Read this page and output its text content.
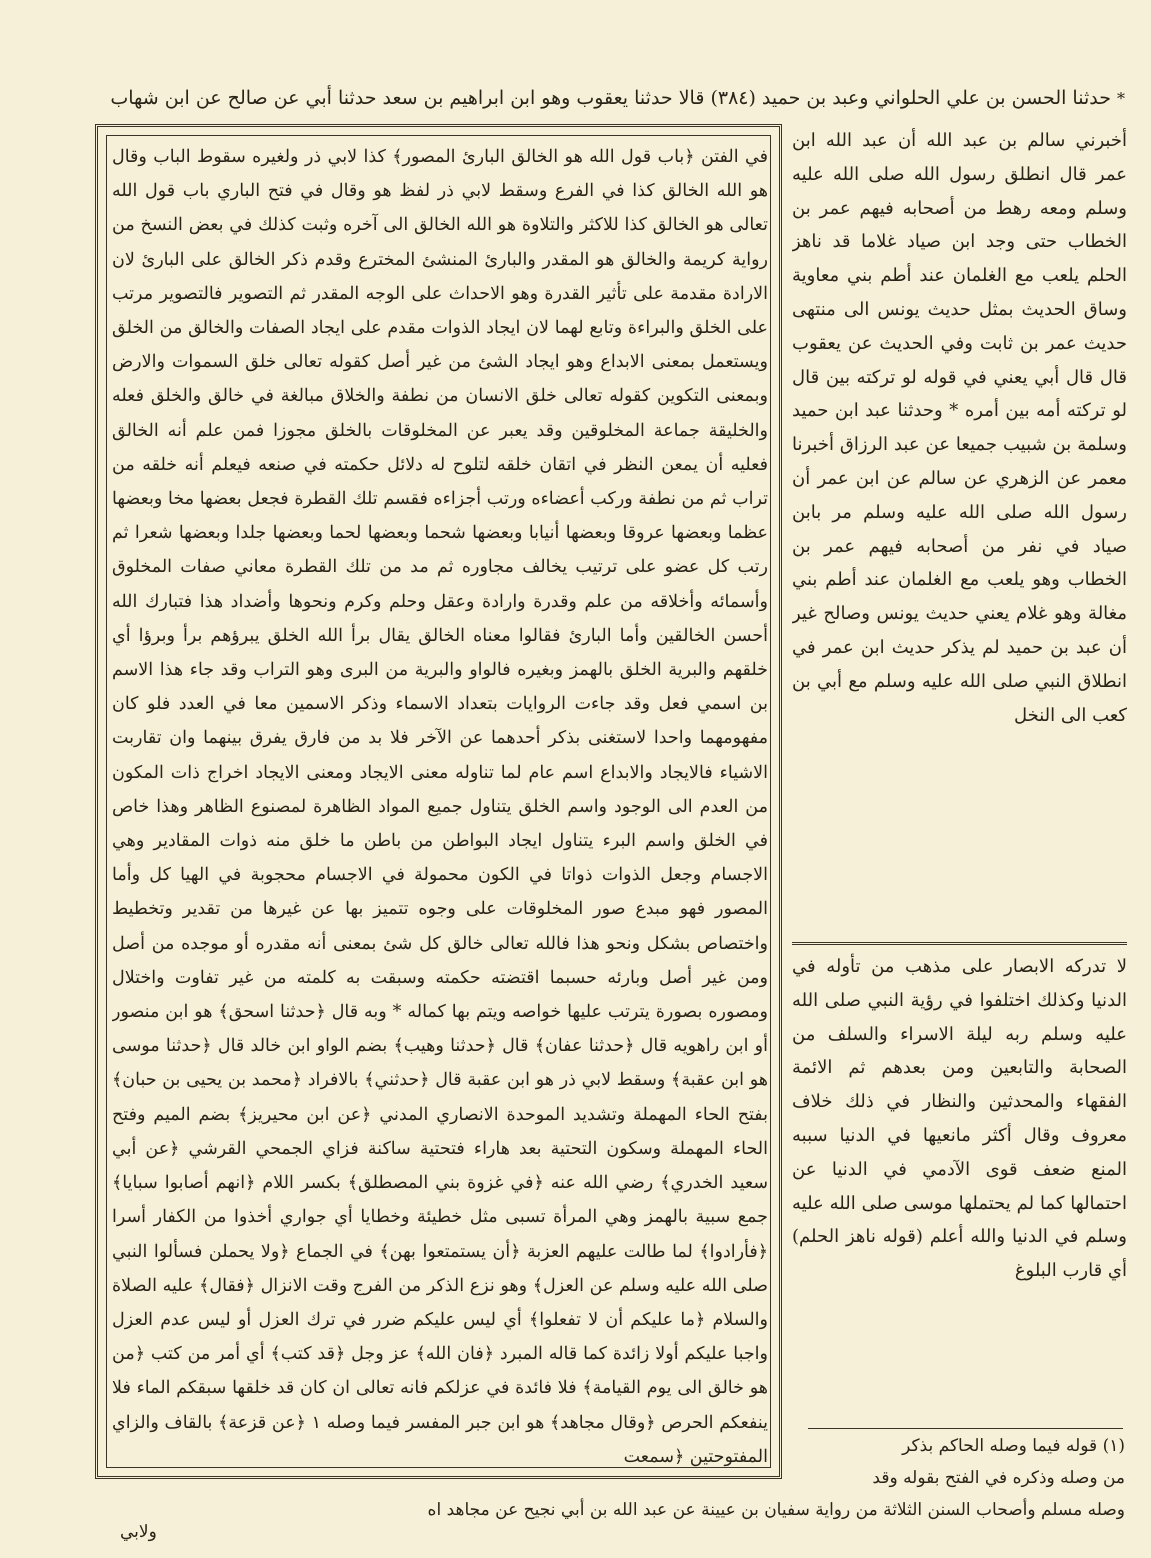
* حدثنا الحسن بن علي الحلواني وعبد بن حميد (٣٨٤) قالا حدثنا يعقوب وهو ابن ابراهيم بن سعد حدثنا أبي عن صالح عن ابن شهاب

في الفتن ﴿باب قول الله هو الخالق البارئ المصور﴾ كذا لابي ذر ولغيره سقوط الباب وقال هو الله الخالق كذا في الفرع وسقط لابي ذر لفظ هو وقال في فتح الباري باب قول الله تعالى هو الخالق كذا للاكثر والتلاوة هو الله الخالق الى آخره وثبت كذلك في بعض النسخ من رواية كريمة والخالق هو المقدر والبارئ المنشئ المخترع وقدم ذكر الخالق على البارئ لان الارادة مقدمة على تأثير القدرة وهو الاحداث على الوجه المقدر ثم التصوير فالتصوير مرتب على الخلق والبراءة وتابع لهما لان ايجاد الذوات مقدم على ايجاد الصفات والخالق من الخلق ويستعمل بمعنى الابداع وهو ايجاد الشئ من غير أصل كقوله تعالى خلق السموات والارض وبمعنى التكوين كقوله تعالى خلق الانسان من نطفة والخلاق مبالغة في خالق والخلق فعله والخليقة جماعة المخلوقين وقد يعبر عن المخلوقات بالخلق مجوزا فمن علم أنه الخالق فعليه أن يمعن النظر في اتقان خلقه لتلوح له دلائل حكمته في صنعه فيعلم أنه خلقه من تراب ثم من نطفة وركب أعضاءه ورتب أجزاءه فقسم تلك القطرة فجعل بعضها مخا وبعضها عظما وبعضها عروقا وبعضها أنيابا وبعضها شحما وبعضها لحما وبعضها جلدا وبعضها شعرا ثم رتب كل عضو على ترتيب يخالف مجاوره ثم مد من تلك القطرة معاني صفات المخلوق وأسمائه وأخلاقه من علم وقدرة وارادة وعقل وحلم وكرم ونحوها وأضداد هذا فتبارك الله أحسن الخالقين وأما البارئ فقالوا معناه الخالق يقال برأ الله الخلق يبرؤهم برأ وبرؤا أي خلقهم والبرية الخلق بالهمز وبغيره فالواو والبرية من البرى وهو التراب وقد جاء هذا الاسم بن اسمي فعل وقد جاءت الروايات بتعداد الاسماء وذكر الاسمين معا في العدد فلو كان مفهومهما واحدا لاستغنى بذكر أحدهما عن الآخر فلا بد من فارق يفرق بينهما وان تقاربت الاشياء فالايجاد والابداع اسم عام لما تناوله معنى الايجاد ومعنى الايجاد اخراج ذات المكون من العدم الى الوجود واسم الخلق يتناول جميع المواد الظاهرة لمصنوع الظاهر وهذا خاص في الخلق واسم البرء يتناول ايجاد البواطن من باطن ما خلق منه ذوات المقادير وهي الاجسام وجعل الذوات ذواتا في الكون محمولة في الاجسام محجوبة في الهيا كل وأما المصور فهو مبدع صور المخلوقات على وجوه تتميز بها عن غيرها من تقدير وتخطيط واختصاص بشكل ونحو هذا فالله تعالى خالق كل شئ بمعنى أنه مقدره أو موجده من أصل ومن غير أصل وبارئه حسبما اقتضته حكمته وسبقت به كلمته من غير تفاوت واختلال ومصوره بصورة يترتب عليها خواصه ويتم بها كماله * وبه قال ﴿حدثنا اسحق﴾ هو ابن منصور أو ابن راهويه قال ﴿حدثنا عفان﴾ قال ﴿حدثنا وهيب﴾ بضم الواو ابن خالد قال ﴿حدثنا موسى هو ابن عقبة﴾ وسقط لابي ذر هو ابن عقبة قال ﴿حدثني﴾ بالافراد ﴿محمد بن يحيى بن حبان﴾ بفتح الحاء المهملة وتشديد الموحدة الانصاري المدني ﴿عن ابن محيريز﴾ بضم الميم وفتح الحاء المهملة وسكون التحتية بعد هاراء فتحتية ساكنة فزاي الجمحي القرشي ﴿عن أبي سعيد الخدري﴾ رضي الله عنه ﴿في غزوة بني المصطلق﴾ بكسر اللام ﴿انهم أصابوا سبايا﴾ جمع سبية بالهمز وهي المرأة تسبى مثل خطيئة وخطايا أي جواري أخذوا من الكفار أسرا ﴿فأرادوا﴾ لما طالت عليهم العزبة ﴿أن يستمتعوا بهن﴾ في الجماع ﴿ولا يحملن فسألوا النبي صلى الله عليه وسلم عن العزل﴾ وهو نزع الذكر من الفرج وقت الانزال ﴿فقال﴾ عليه الصلاة والسلام ﴿ما عليكم أن لا تفعلوا﴾ أي ليس عليكم ضرر في ترك العزل أو ليس عدم العزل واجبا عليكم أولا زائدة كما قاله المبرد ﴿فان الله﴾ عز وجل ﴿قد كتب﴾ أي أمر من كتب ﴿من هو خالق الى يوم القيامة﴾ فلا فائدة في عزلكم فانه تعالى ان كان قد خلقها سبقكم الماء فلا ينفعكم الحرص ﴿وقال مجاهد﴾ هو ابن جبر المفسر فيما وصله ١ ﴿عن قزعة﴾ بالقاف والزاي المفتوحتين ﴿سمعت

أخبرني سالم بن عبد الله أن عبد الله ابن عمر قال انطلق رسول الله صلى الله عليه وسلم ومعه رهط من أصحابه فيهم عمر بن الخطاب حتى وجد ابن صياد غلاما قد ناهز الحلم يلعب مع الغلمان عند أطم بني معاوية وساق الحديث بمثل حديث يونس الى منتهى حديث عمر بن ثابت وفي الحديث عن يعقوب قال قال أبي يعني في قوله لو تركته بين قال لو تركته أمه بين أمره * وحدثنا عبد ابن حميد وسلمة بن شبيب جميعا عن عبد الرزاق أخبرنا معمر عن الزهري عن سالم عن ابن عمر أن رسول الله صلى الله عليه وسلم مر بابن صياد في نفر من أصحابه فيهم عمر بن الخطاب وهو يلعب مع الغلمان عند أطم بني مغالة وهو غلام يعني حديث يونس وصالح غير أن عبد بن حميد لم يذكر حديث ابن عمر في انطلاق النبي صلى الله عليه وسلم مع أبي بن كعب الى النخل

لا تدركه الابصار على مذهب من تأوله في الدنيا وكذلك اختلفوا في رؤية النبي صلى الله عليه وسلم ربه ليلة الاسراء والسلف من الصحابة والتابعين ومن بعدهم ثم الائمة الفقهاء والمحدثين والنظار في ذلك خلاف معروف وقال أكثر مانعيها في الدنيا سببه المنع ضعف قوى الآدمي في الدنيا عن احتمالها كما لم يحتملها موسى صلى الله عليه وسلم في الدنيا والله أعلم (قوله ناهز الحلم) أي قارب البلوغ

(١) قوله فيما وصله الحاكم بذكر
من وصله وذكره في الفتح بقوله وقد
وصله مسلم وأصحاب السنن الثلاثة من رواية سفيان بن عيينة عن عبد الله بن أبي نجيح عن مجاهد اه
ولابي
